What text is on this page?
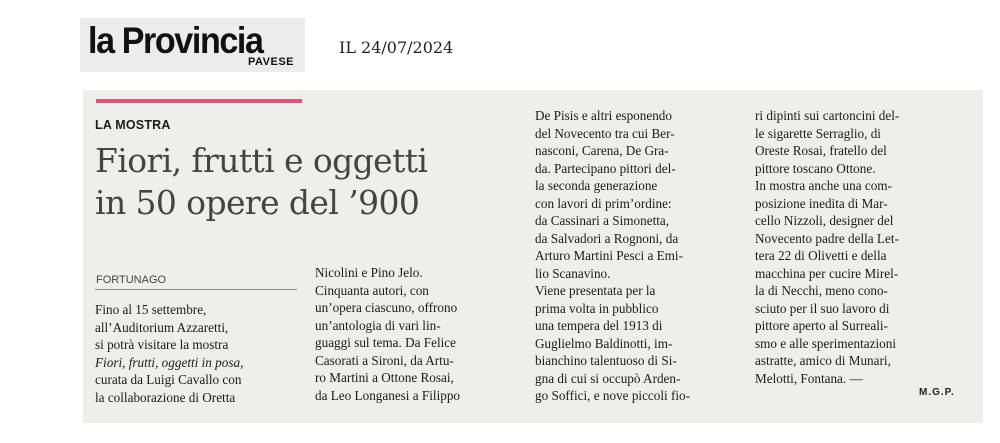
la Provincia
PAVESE
IL 24/07/2024
LA MOSTRA
Fiori, frutti e oggetti
in 50 opere del ’900
FORTUNAGO
Fino al 15 settembre,
all’Auditorium Azzaretti,
si potrà visitare la mostra
Fiori, frutti, oggetti in posa,
curata da Luigi Cavallo con
la collaborazione di Oretta
Nicolini e Pino Jelo.
Cinquanta autori, con
un’opera ciascuno, offrono
un’antologia di vari lin-
guaggi sul tema. Da Felice
Casorati a Sironi, da Artu-
ro Martini a Ottone Rosai,
da Leo Longanesi a Filippo
De Pisis e altri esponendo
del Novecento tra cui Ber-
nasconi, Carena, De Gra-
da. Partecipano pittori del-
la seconda generazione
con lavori di prim’ordine:
da Cassinari a Simonetta,
da Salvadori a Rognoni, da
Arturo Martini Pesci a Emi-
lio Scanavino.
Viene presentata per la
prima volta in pubblico
una tempera del 1913 di
Guglielmo Baldinotti, im-
bianchino talentuoso di Si-
gna di cui si occupò Arden-
go Soffici, e nove piccoli fio-
ri dipinti sui cartoncini del-
le sigarette Serraglio, di
Oreste Rosai, fratello del
pittore toscano Ottone.
In mostra anche una com-
posizione inedita di Mar-
cello Nizzoli, designer del
Novecento padre della Let-
tera 22 di Olivetti e della
macchina per cucire Mirel-
la di Necchi, meno cono-
sciuto per il suo lavoro di
pittore aperto al Surreali-
smo e alle sperimentazioni
astratte, amico di Munari,
Melotti, Fontana. —
M.G.P.
